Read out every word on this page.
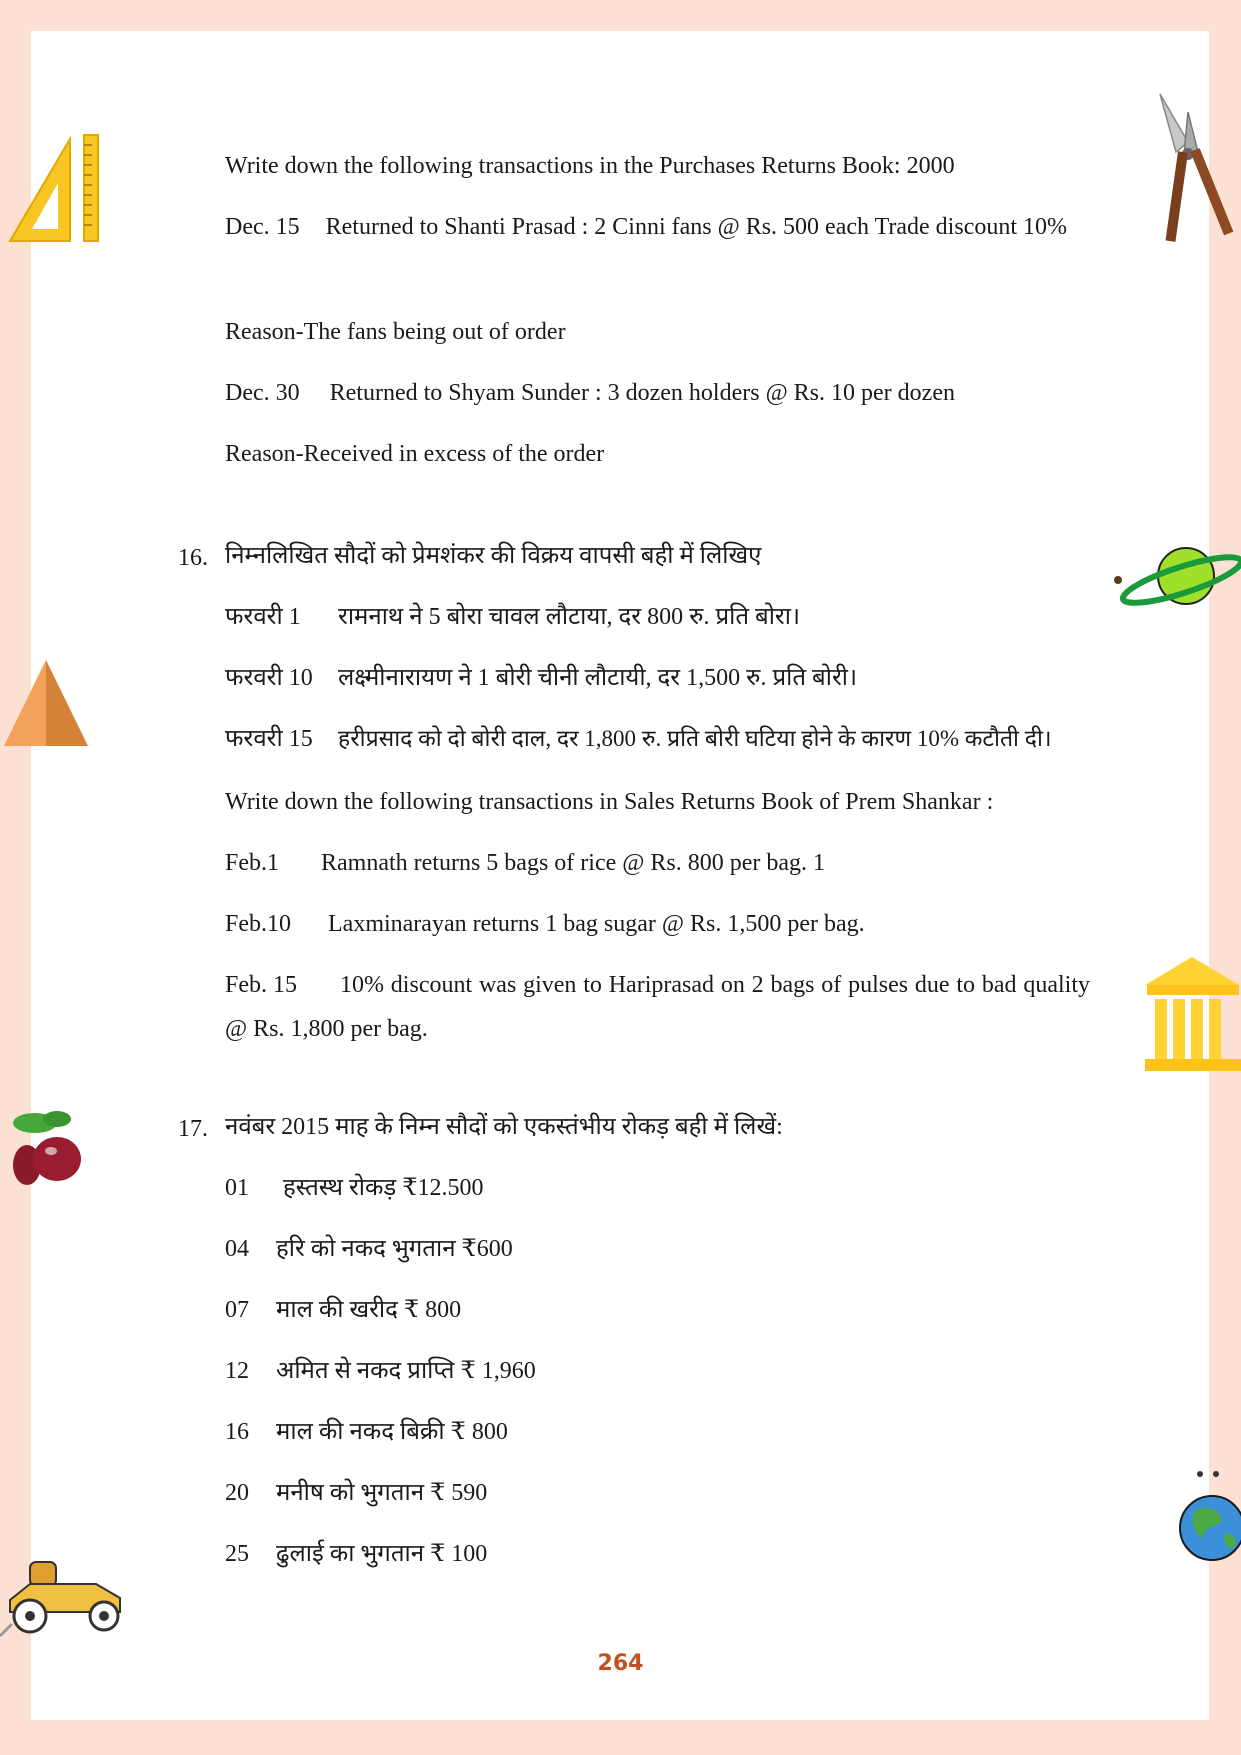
Write down the following transactions in the Purchases Returns Book: 2000
Dec. 15 Returned to Shanti Prasad : 2 Cinni fans @ Rs. 500 each Trade discount 10%
Reason-The fans being out of order
Dec. 30 Returned to Shyam Sunder : 3 dozen holders @ Rs. 10 per dozen
Reason-Received in excess of the order
16. निम्नलिखित सौदों को प्रेमशंकर की विक्रय वापसी बही में लिखिए
फरवरी 1 रामनाथ ने 5 बोरा चावल लौटाया, दर 800 रु. प्रति बोरा।
फरवरी 10 लक्ष्मीनारायण ने 1 बोरी चीनी लौटायी, दर 1,500 रु. प्रति बोरी।
फरवरी 15 हरीप्रसाद को दो बोरी दाल, दर 1,800 रु. प्रति बोरी घटिया होने के कारण 10% कटौती दी।
Write down the following transactions in Sales Returns Book of Prem Shankar :
Feb.1 Ramnath returns 5 bags of rice @ Rs. 800 per bag. 1
Feb.10 Laxminarayan returns 1 bag sugar @ Rs. 1,500 per bag.
Feb. 15 10% discount was given to Hariprasad on 2 bags of pulses due to bad quality @ Rs. 1,800 per bag.
17. नवंबर 2015 माह के निम्न सौदों को एकस्तंभीय रोकड़ बही में लिखें:
01 हस्तस्थ रोकड़ ₹12.500
04 हरि को नकद भुगतान ₹600
07 माल की खरीद ₹ 800
12 अमित से नकद प्राप्ति ₹ 1,960
16 माल की नकद बिक्री ₹ 800
20 मनीष को भुगतान ₹ 590
25 ढुलाई का भुगतान ₹ 100
264
